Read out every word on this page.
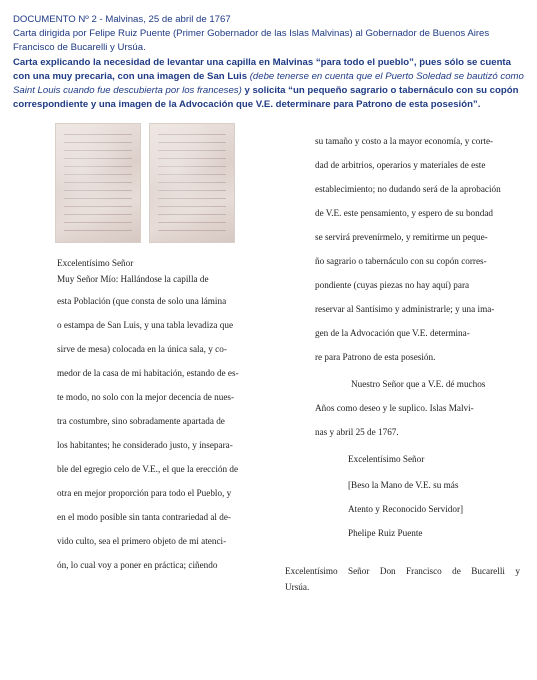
DOCUMENTO Nº 2 - Malvinas, 25 de abril de 1767

Carta dirigida por Felipe Ruiz Puente (Primer Gobernador de las Islas Malvinas) al Gobernador de Buenos Aires Francisco de Bucarelli y Ursúa.

Carta explicando la necesidad de levantar una capilla en Malvinas “para todo el pueblo”, pues sólo se cuenta con una muy precaria, con una imagen de San Luis (debe tenerse en cuenta que el Puerto Soledad se bautizó como Saint Louis cuando fue descubierta por los franceses) y solicita “un pequeño sagrario o tabernáculo con su copón correspondiente y una imagen de la Advocación que V.E. determinare para Patrono de esta posesión”.

Excelentísimo Señor
Muy Señor Mío: Hallándose la capilla de
esta Población (que consta de solo una lámina
o estampa de San Luis, y una tabla levadiza que
sirve de mesa) colocada en la única sala, y co-
medor de la casa de mi habitación, estando de es-
te modo, no solo con la mejor decencia de nues-
tra costumbre, sino sobradamente apartada de
los habitantes; he considerado justo, y insepara-
ble del egregio celo de V.E., el que la erección de
otra en mejor proporción para todo el Pueblo, y
en el modo posible sin tanta contrariedad al de-
vido culto, sea el primero objeto de mi atenci-
ón, lo cual voy a poner en práctica; ciñendo
su tamaño y costo a la mayor economía, y corte-
dad de arbitrios, operarios y materiales de este
establecimiento; no dudando será de la aprobación
de V.E. este pensamiento, y espero de su bondad
se servirá prevenírmelo, y remitirme un peque-
ño sagrario o tabernáculo con su copón corres-
pondiente (cuyas piezas no hay aquí) para
reservar al Santísimo y administrarle; y una ima-
gen de la Advocación que V.E. determina-
re para Patrono de esta posesión.
Nuestro Señor que a V.E. dé muchos
Años como deseo y le suplico. Islas Malvi-
nas y abril 25 de 1767.
Excelentísimo Señor
[Beso la Mano de V.E. su más
Atento y Reconocido Servidor]
Phelipe Ruiz Puente
Excelentísimo Señor Don Francisco de Bucarelli y
Ursúa.
